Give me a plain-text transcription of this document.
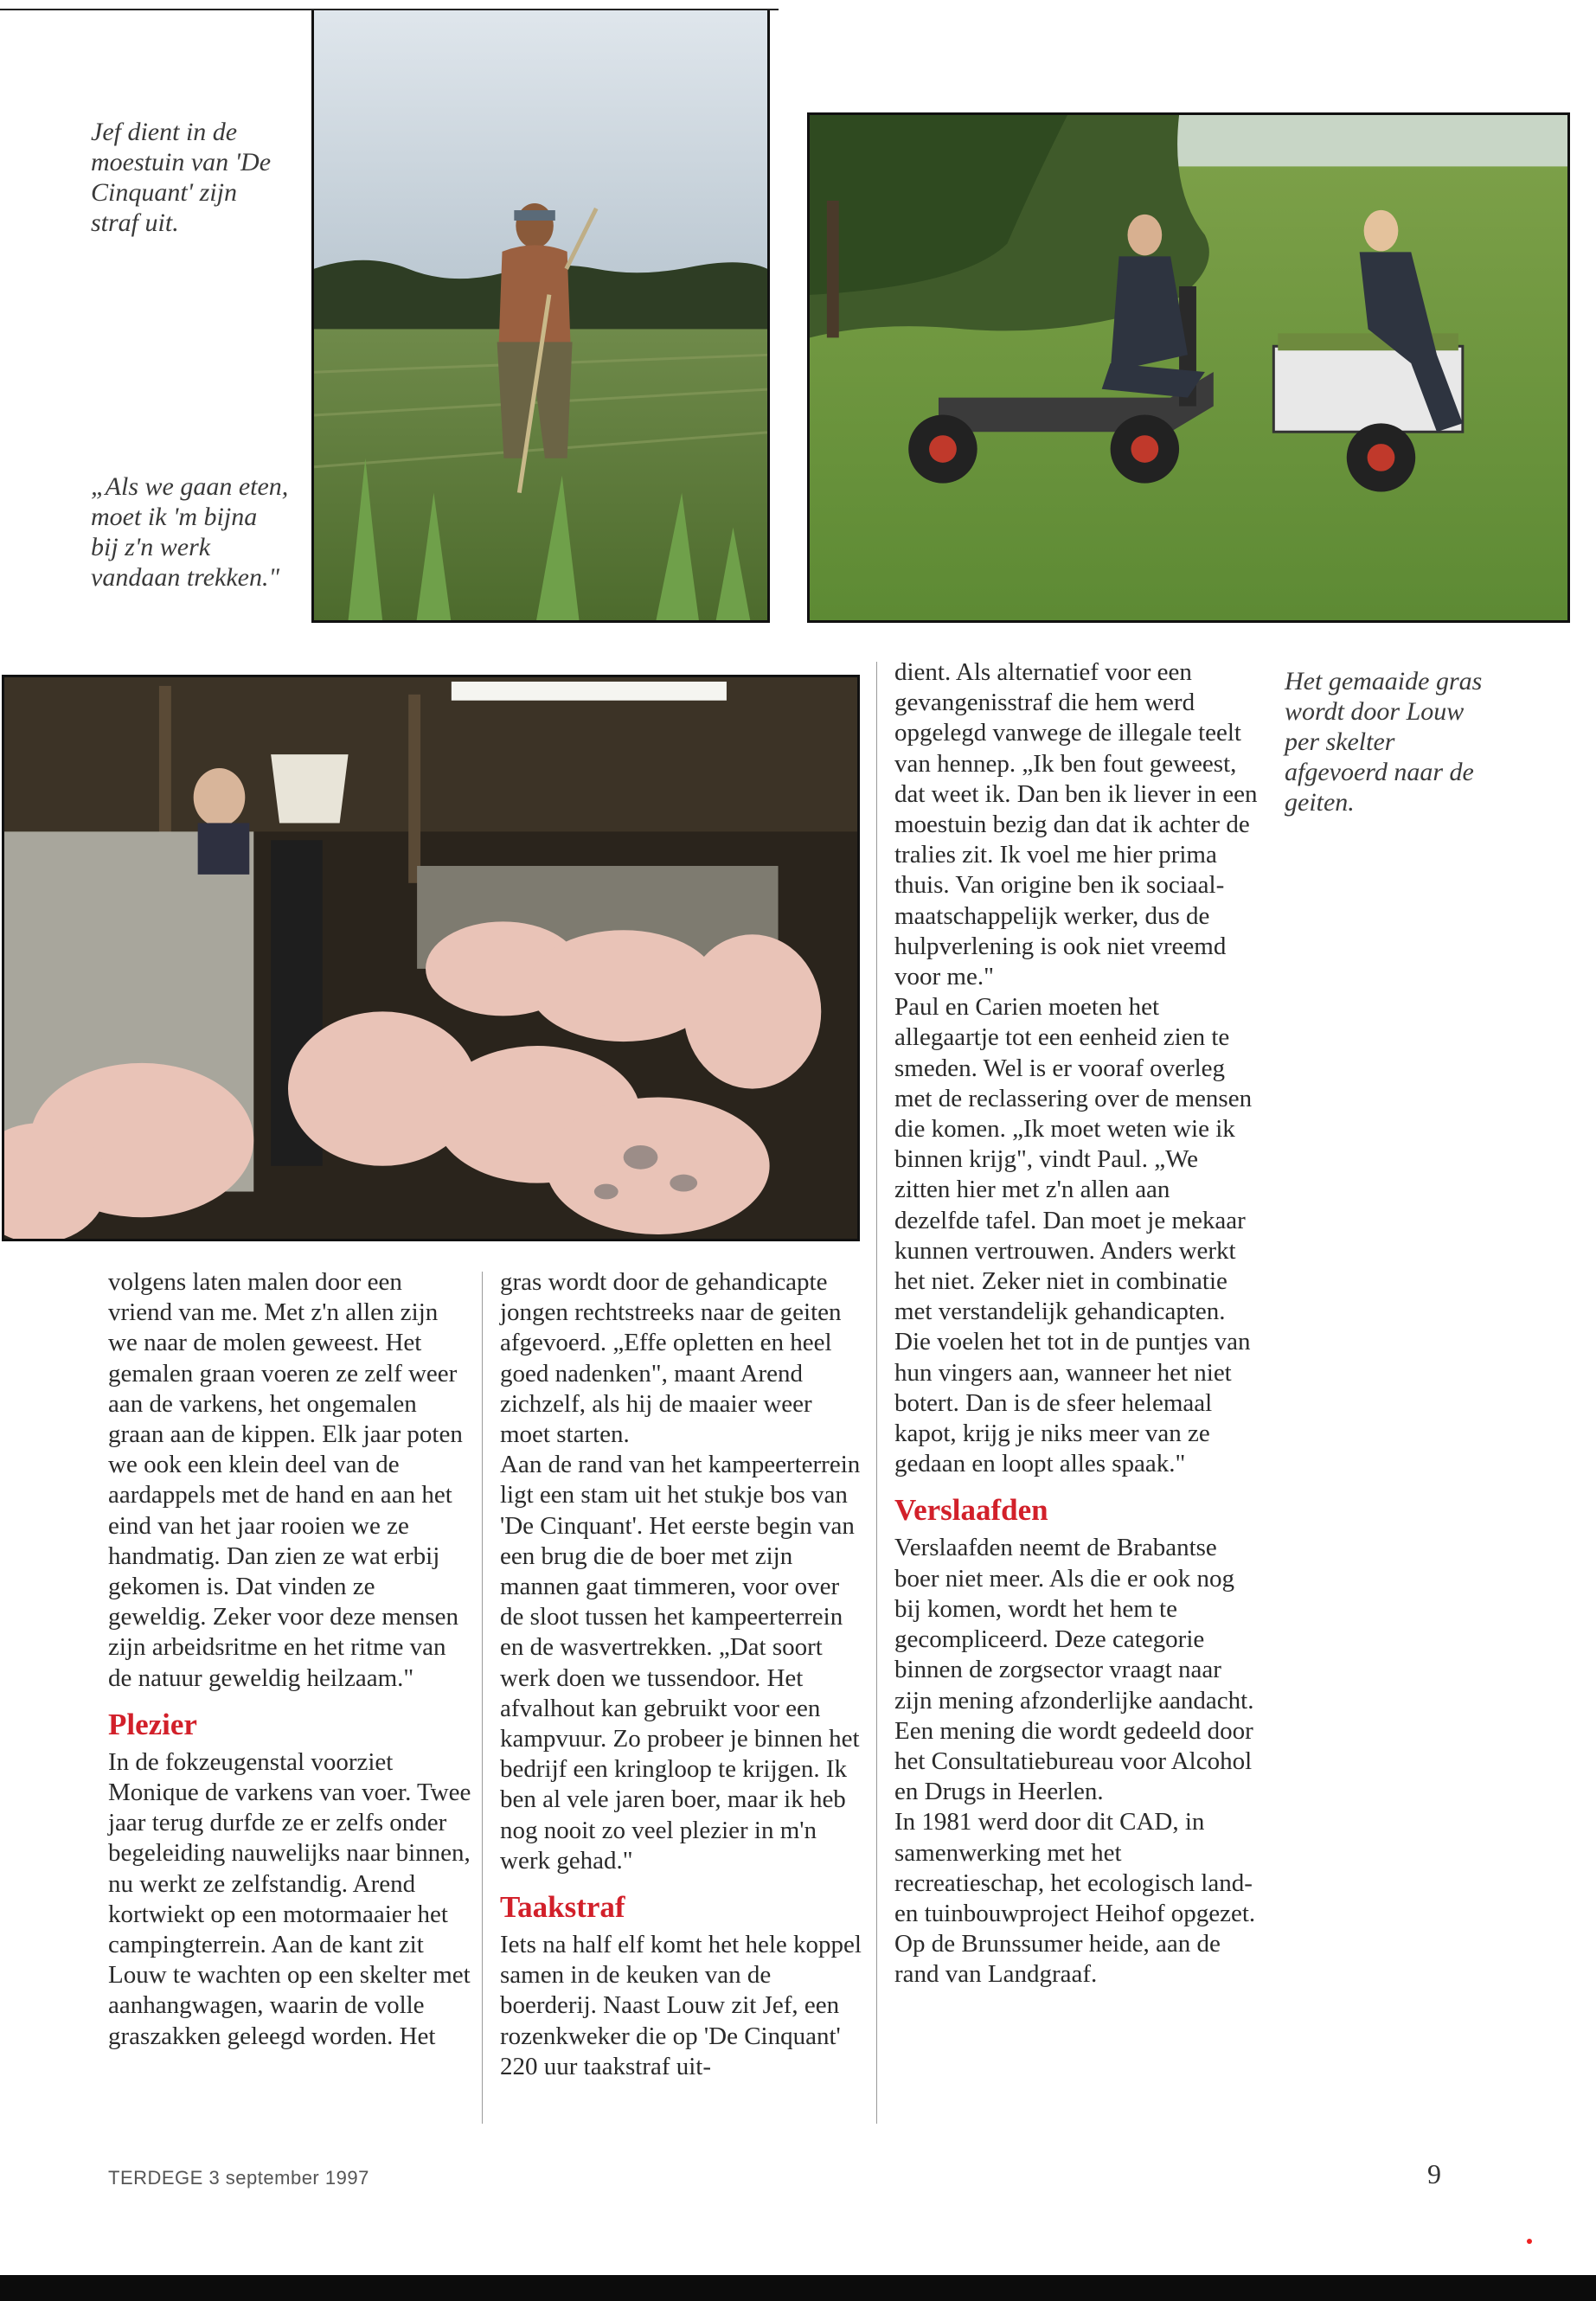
Jef dient in de moestuin van 'De Cinquant' zijn straf uit.
„Als we gaan eten, moet ik 'm bijna bij z'n werk vandaan trekken."
Het gemaaide gras wordt door Louw per skelter afgevoerd naar de geiten.

volgens laten malen door een vriend van me. Met z'n allen zijn we naar de molen geweest. Het gemalen graan voeren ze zelf weer aan de varkens, het ongemalen graan aan de kippen. Elk jaar poten we ook een klein deel van de aardappels met de hand en aan het eind van het jaar rooien we ze handmatig. Dan zien ze wat erbij gekomen is. Dat vinden ze geweldig. Zeker voor deze mensen zijn arbeidsritme en het ritme van de natuur geweldig heilzaam."

Plezier

In de fokzeugenstal voorziet Monique de varkens van voer. Twee jaar terug durfde ze er zelfs onder begeleiding nauwelijks naar binnen, nu werkt ze zelfstandig. Arend kortwiekt op een motormaaier het campingterrein. Aan de kant zit Louw te wachten op een skelter met aanhangwagen, waarin de volle graszakken geleegd worden. Het

gras wordt door de gehandicapte jongen rechtstreeks naar de geiten afgevoerd. „Effe opletten en heel goed nadenken", maant Arend zichzelf, als hij de maaier weer moet starten.

Aan de rand van het kampeerterrein ligt een stam uit het stukje bos van 'De Cinquant'. Het eerste begin van een brug die de boer met zijn mannen gaat timmeren, voor over de sloot tussen het kampeerterrein en de wasvertrekken. „Dat soort werk doen we tussendoor. Het afvalhout kan gebruikt voor een kampvuur. Zo probeer je binnen het bedrijf een kringloop te krijgen. Ik ben al vele jaren boer, maar ik heb nog nooit zo veel plezier in m'n werk gehad."

Taakstraf

Iets na half elf komt het hele koppel samen in de keuken van de boerderij. Naast Louw zit Jef, een rozenkweker die op 'De Cinquant' 220 uur taakstraf uit-

dient. Als alternatief voor een gevangenisstraf die hem werd opgelegd vanwege de illegale teelt van hennep. „Ik ben fout geweest, dat weet ik. Dan ben ik liever in een moestuin bezig dan dat ik achter de tralies zit. Ik voel me hier prima thuis. Van origine ben ik sociaal-maatschappelijk werker, dus de hulpverlening is ook niet vreemd voor me."

Paul en Carien moeten het allegaartje tot een eenheid zien te smeden. Wel is er vooraf overleg met de reclassering over de mensen die komen. „Ik moet weten wie ik binnen krijg", vindt Paul. „We zitten hier met z'n allen aan dezelfde tafel. Dan moet je mekaar kunnen vertrouwen. Anders werkt het niet. Zeker niet in combinatie met verstandelijk gehandicapten. Die voelen het tot in de puntjes van hun vingers aan, wanneer het niet botert. Dan is de sfeer helemaal kapot, krijg je niks meer van ze gedaan en loopt alles spaak."

Verslaafden

Verslaafden neemt de Brabantse boer niet meer. Als die er ook nog bij komen, wordt het hem te gecompliceerd. Deze categorie binnen de zorgsector vraagt naar zijn mening afzonderlijke aandacht. Een mening die wordt gedeeld door het Consultatiebureau voor Alcohol en Drugs in Heerlen.

In 1981 werd door dit CAD, in samenwerking met het recreatieschap, het ecologisch land- en tuinbouwproject Heihof opgezet. Op de Brunssumer heide, aan de rand van Landgraaf.

TERDEGE 3 september 1997	9
